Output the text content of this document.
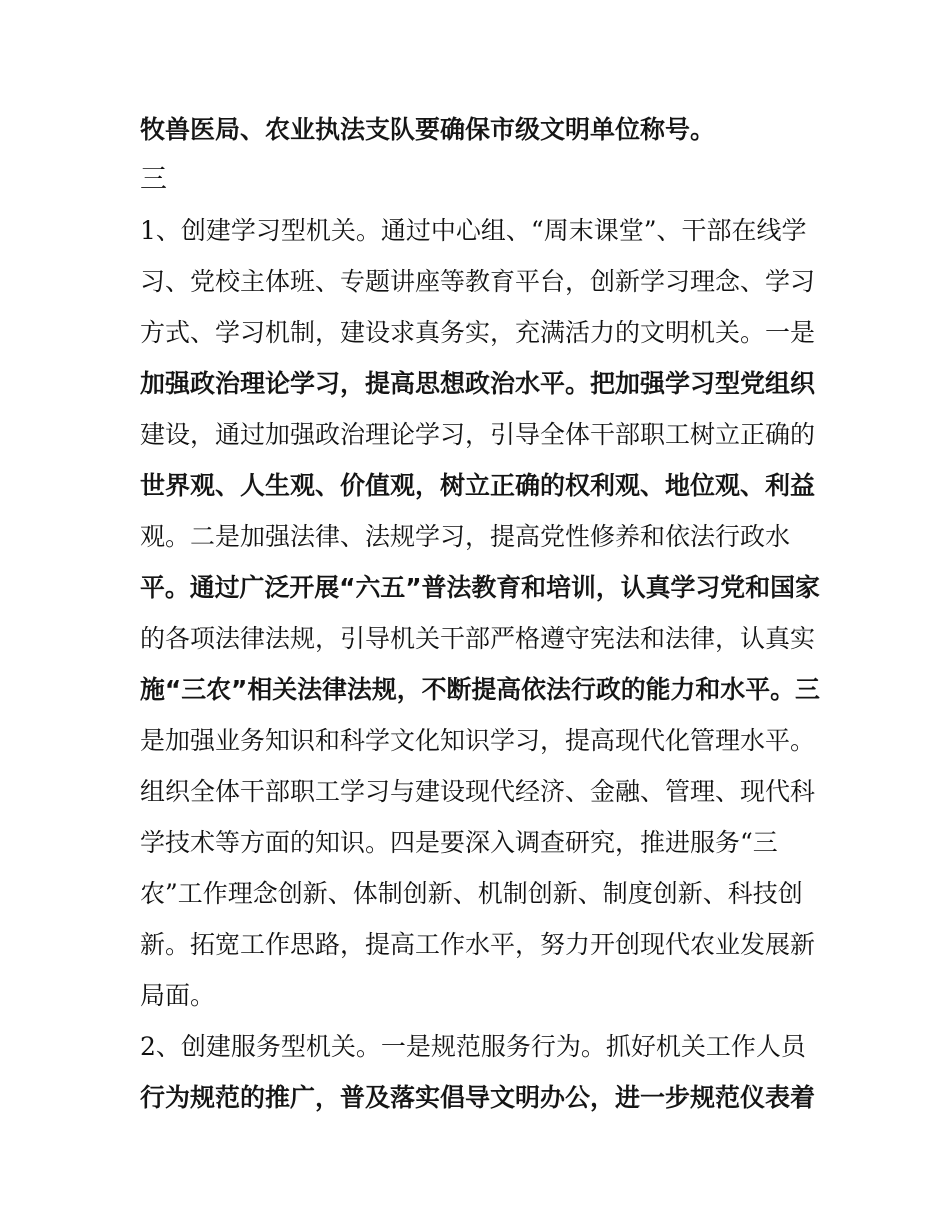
牧兽医局、农业执法支队要确保市级文明单位称号。
三
1、创建学习型机关。通过中心组、“周末课堂”、干部在线学
习、党校主体班、专题讲座等教育平台，创新学习理念、学习
方式、学习机制，建设求真务实，充满活力的文明机关。一是
加强政治理论学习，提高思想政治水平。把加强学习型党组织
建设，通过加强政治理论学习，引导全体干部职工树立正确的
世界观、人生观、价值观，树立正确的权利观、地位观、利益
观。二是加强法律、法规学习，提高党性修养和依法行政水
平。通过广泛开展“六五”普法教育和培训，认真学习党和国家
的各项法律法规，引导机关干部严格遵守宪法和法律，认真实
施“三农”相关法律法规，不断提高依法行政的能力和水平。三
是加强业务知识和科学文化知识学习，提高现代化管理水平。
组织全体干部职工学习与建设现代经济、金融、管理、现代科
学技术等方面的知识。四是要深入调查研究，推进服务“三
农”工作理念创新、体制创新、机制创新、制度创新、科技创
新。拓宽工作思路，提高工作水平，努力开创现代农业发展新
局面。
2、创建服务型机关。一是规范服务行为。抓好机关工作人员
行为规范的推广，普及落实倡导文明办公，进一步规范仪表着
